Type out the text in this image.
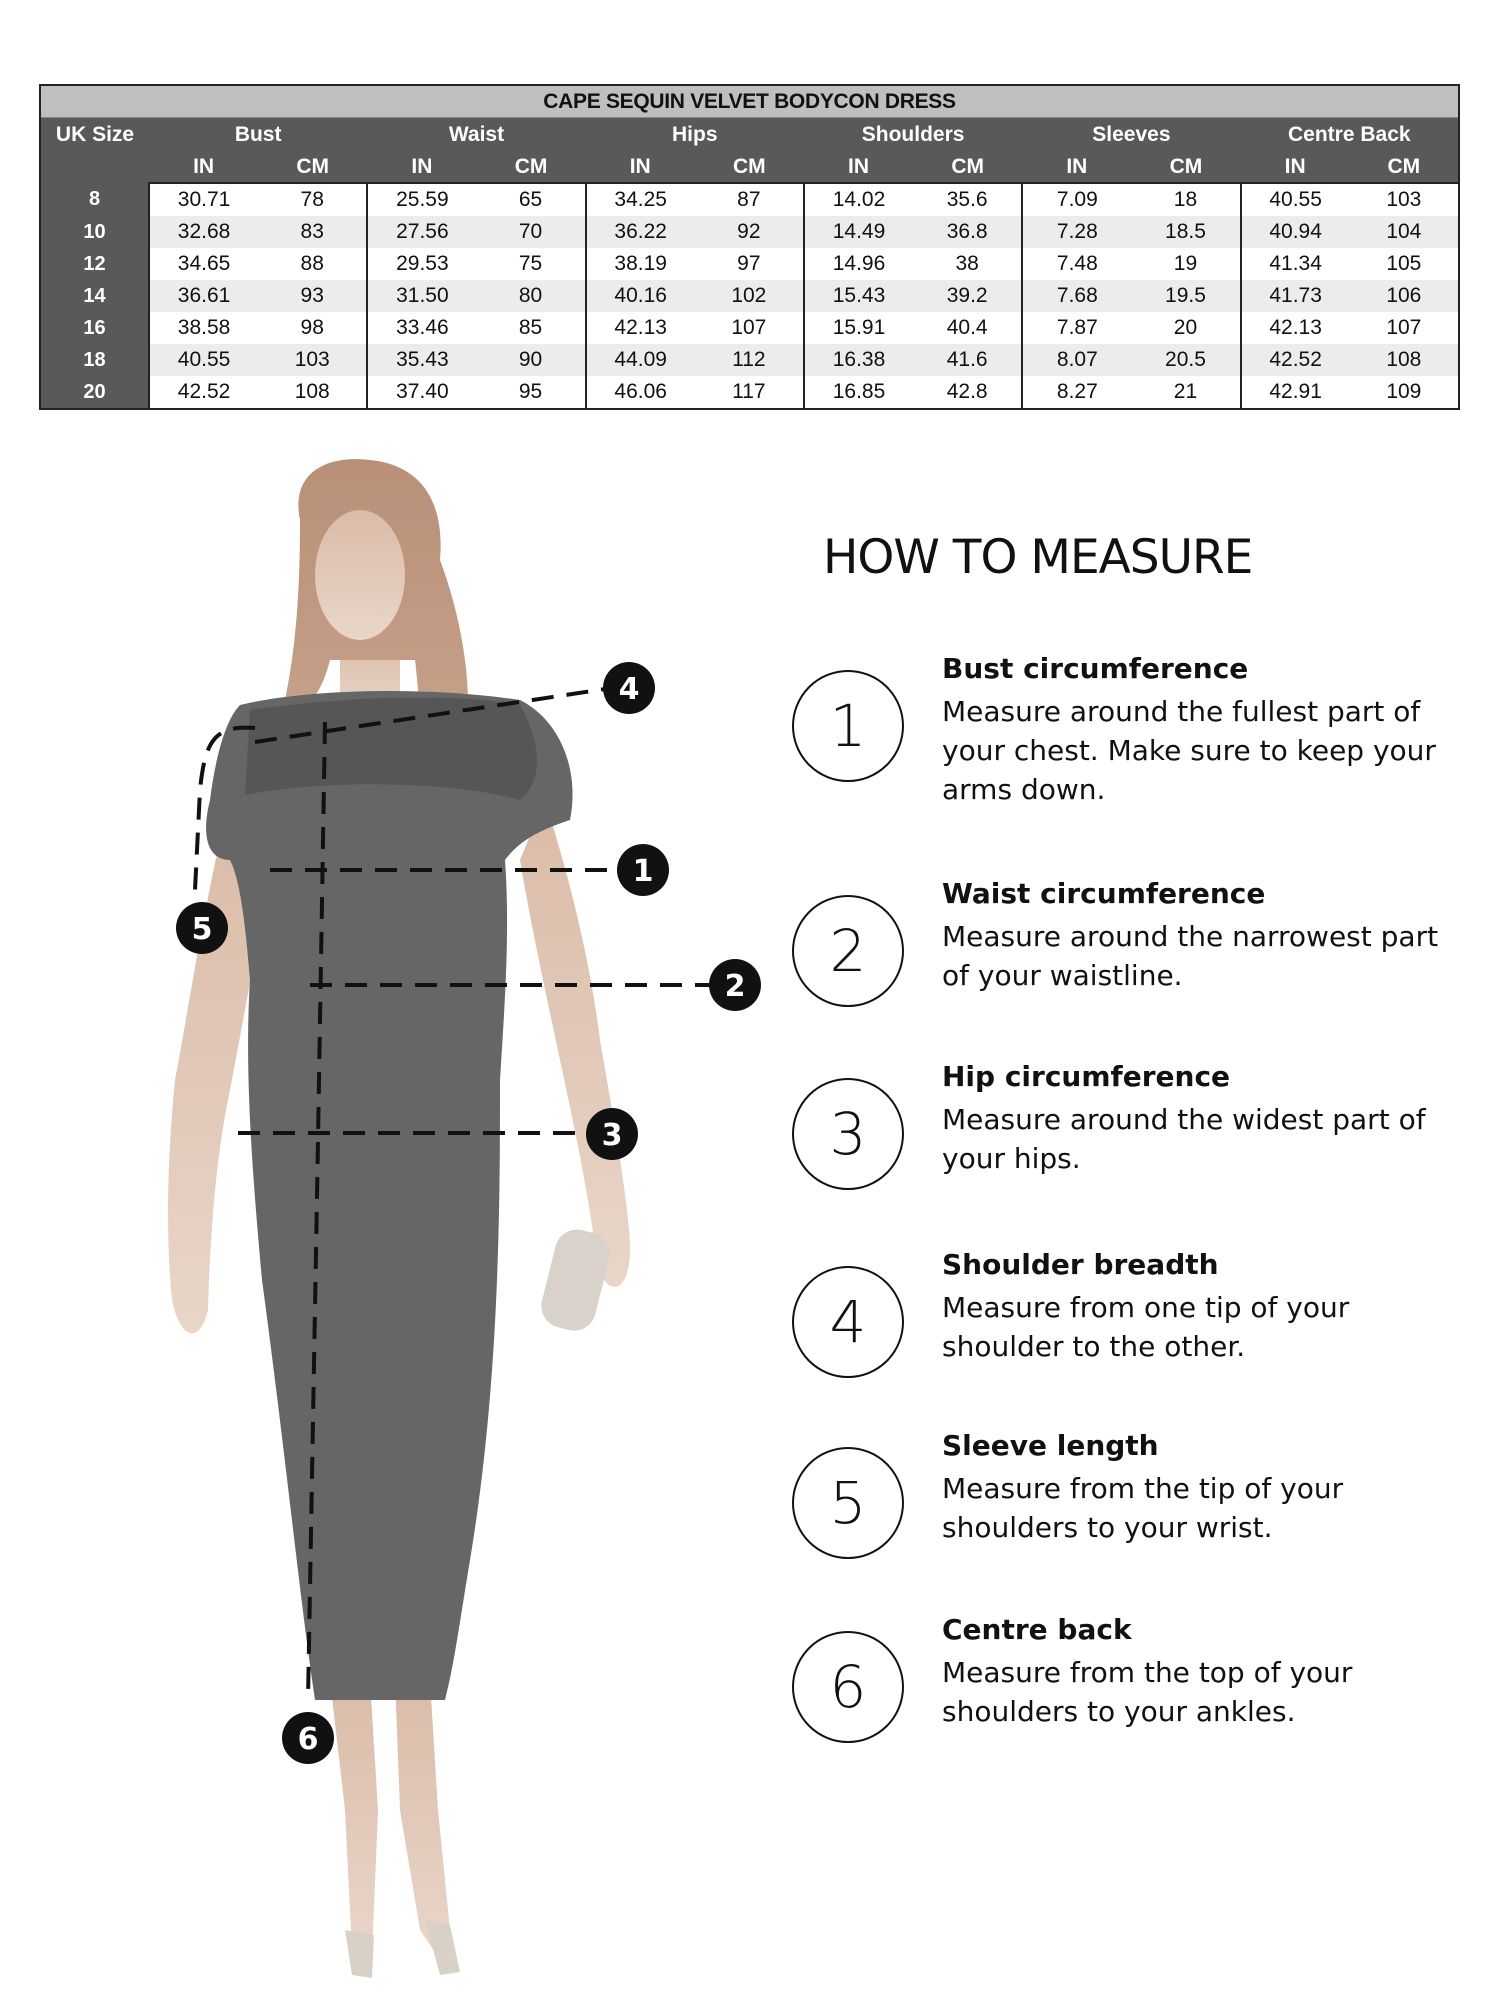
CAPE SEQUIN VELVET BODYCON DRESS												
UK Size	Bust		Waist		Hips		Shoulders		Sleeves		Centre Back	
	IN	CM	IN	CM	IN	CM	IN	CM	IN	CM	IN	CM
8	30.71	78	25.59	65	34.25	87	14.02	35.6	7.09	18	40.55	103
10	32.68	83	27.56	70	36.22	92	14.49	36.8	7.28	18.5	40.94	104
12	34.65	88	29.53	75	38.19	97	14.96	38	7.48	19	41.34	105
14	36.61	93	31.50	80	40.16	102	15.43	39.2	7.68	19.5	41.73	106
16	38.58	98	33.46	85	42.13	107	15.91	40.4	7.87	20	42.13	107
18	40.55	103	35.43	90	44.09	112	16.38	41.6	8.07	20.5	42.52	108
20	42.52	108	37.40	95	46.06	117	16.85	42.8	8.27	21	42.91	109
1
2
3
4
5
6
HOW TO MEASURE
1

Bust circumference

Measure around the fullest part of your chest. Make sure to keep your arms down.

2

Waist circumference

Measure around the narrowest part of your waistline.

3

Hip circumference

Measure around the widest part of your hips.

4

Shoulder breadth

Measure from one tip of your shoulder to the other.

5

Sleeve length

Measure from the tip of your shoulders to your wrist.

6

Centre back

Measure from the top of your shoulders to your ankles.
